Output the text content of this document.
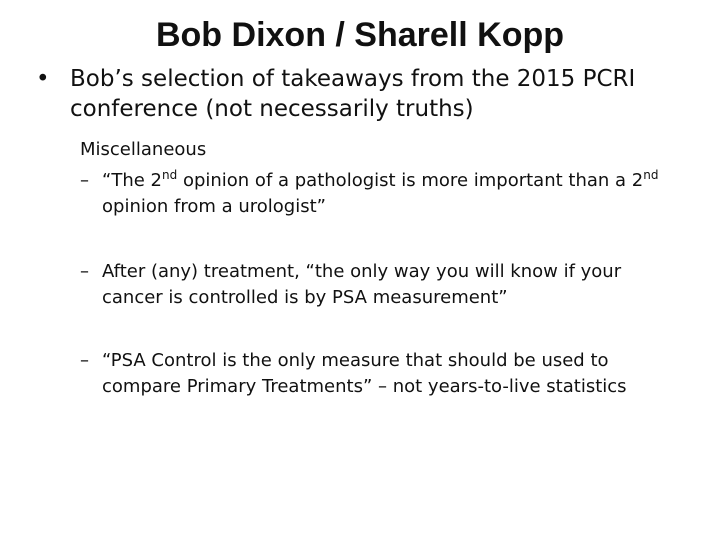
Bob Dixon / Sharell Kopp
• Bob’s selection of takeaways from the 2015 PCRI conference (not necessarily truths)
Miscellaneous
– “The 2nd opinion of a pathologist is more important than a 2nd opinion from a urologist”
– After (any) treatment, “the only way you will know if your cancer is controlled is by PSA measurement”
– “PSA Control is the only measure that should be used to compare Primary Treatments” – not years-to-live statistics
